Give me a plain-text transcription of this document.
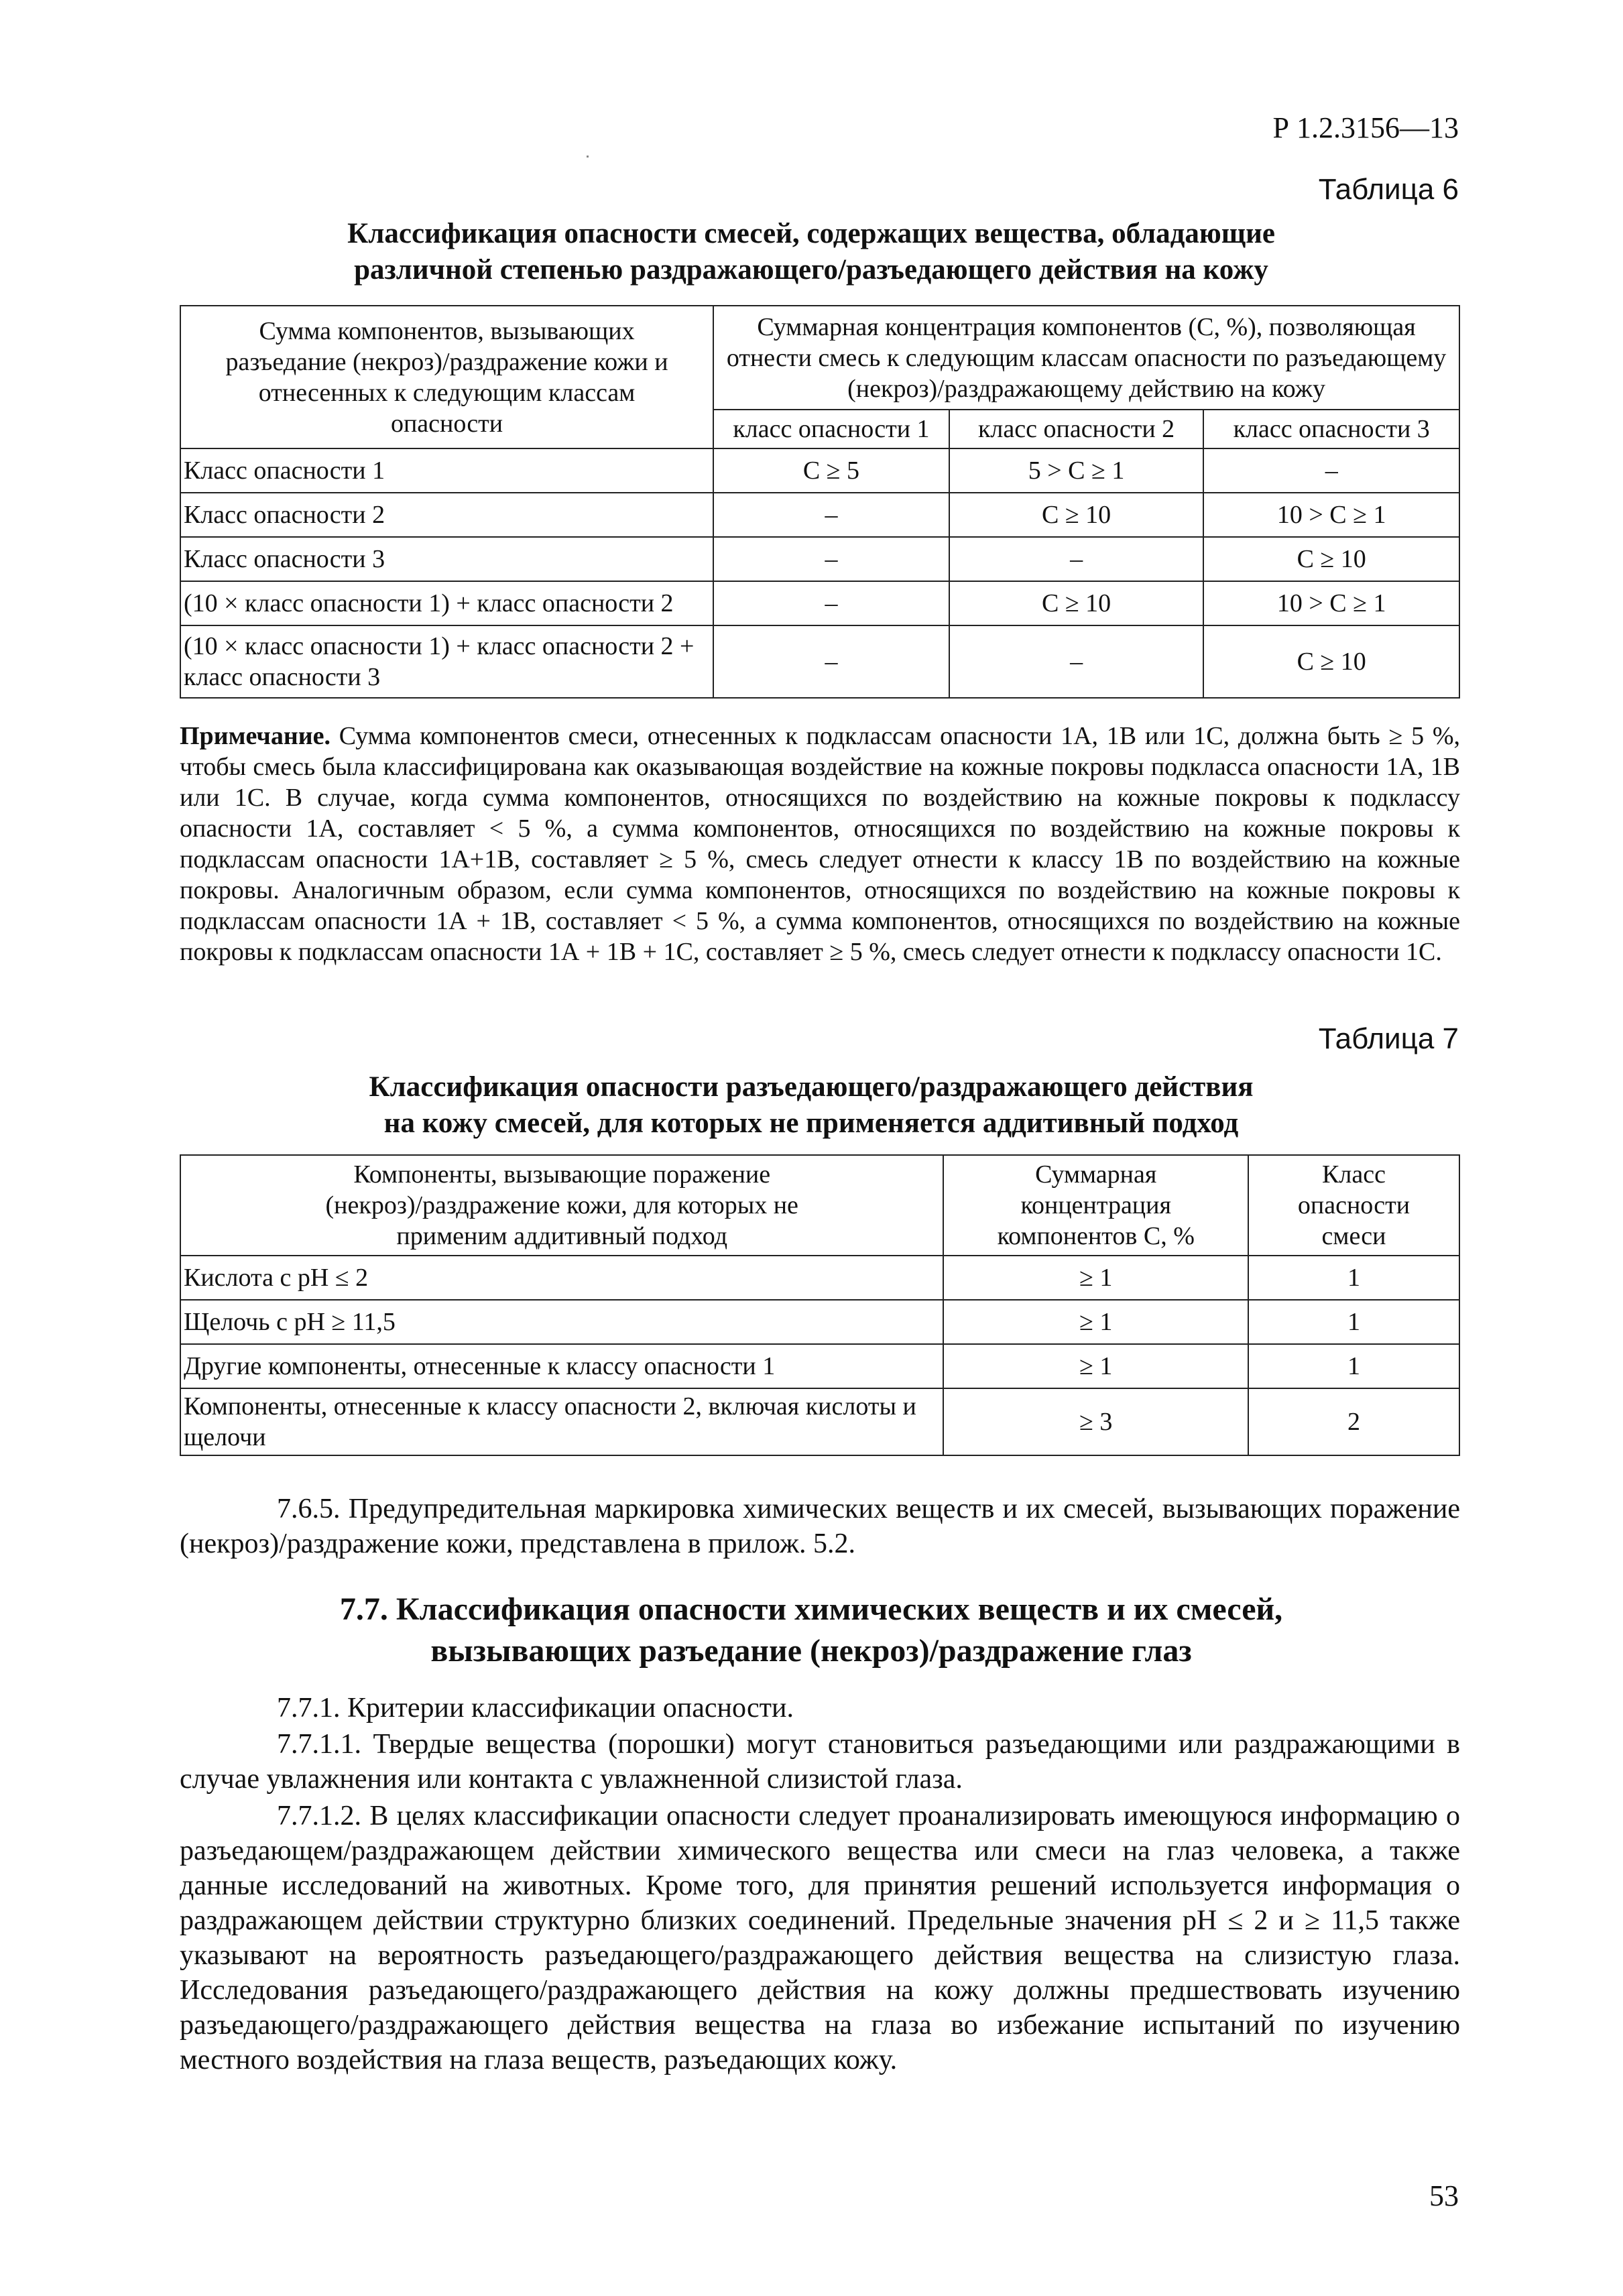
Р 1.2.3156—13
Таблица 6
Классификация опасности смесей, содержащих вещества, обладающие
различной степенью раздражающего/разъедающего действия на кожу
Сумма компонентов, вызывающих разъедание (некроз)/раздражение кожи и отнесенных к следующим классам опасности	Суммарная концентрация компонентов (С, %), позволяющая отнести смесь к следующим классам опасности по разъедающему (некроз)/раздражающему действию на кожу		
	класс опасности 1	класс опасности 2	класс опасности 3
Класс опасности 1	С ≥ 5	5 > С ≥ 1	–
Класс опасности 2	–	С ≥ 10	10 > С ≥ 1
Класс опасности 3	–	–	С ≥ 10
(10 × класс опасности 1) + класс опасности 2	–	С ≥ 10	10 > С ≥ 1
(10 × класс опасности 1) + класс опасности 2 + класс опасности 3	–	–	С ≥ 10
Примечание. Сумма компонентов смеси, отнесенных к подклассам опасности 1А, 1В или 1С, должна быть ≥ 5 %, чтобы смесь была классифицирована как оказывающая воздействие на кожные покровы подкласса опасности 1А, 1В или 1С. В случае, когда сумма компонентов, относящихся по воздействию на кожные покровы к подклассу опасности 1А, составляет < 5 %, а сумма компонентов, относящихся по воздействию на кожные покровы к подклассам опасности 1А+1В, составляет ≥ 5 %, смесь следует отнести к классу 1В по воздействию на кожные покровы. Аналогичным образом, если сумма компонентов, относящихся по воздействию на кожные покровы к подклассам опасности 1А + 1В, составляет < 5 %, а сумма компонентов, относящихся по воздействию на кожные покровы к подклассам опасности 1А + 1В + 1С, составляет ≥ 5 %, смесь следует отнести к подклассу опасности 1С.
Таблица 7
Классификация опасности разъедающего/раздражающего действия
на кожу смесей, для которых не применяется аддитивный подход
Компоненты, вызывающие поражение (некроз)/раздражение кожи, для которых не применим аддитивный подход	Суммарная концентрация компонентов С, %	Класс опасности смеси
Кислота с рН ≤ 2	≥ 1	1
Щелочь с рН ≥ 11,5	≥ 1	1
Другие компоненты, отнесенные к классу опасности 1	≥ 1	1
Компоненты, отнесенные к классу опасности 2, включая кислоты и щелочи	≥ 3	2
7.6.5. Предупредительная маркировка химических веществ и их смесей, вызывающих поражение (некроз)/раздражение кожи, представлена в прилож. 5.2.
7.7. Классификация опасности химических веществ и их смесей,
вызывающих разъедание (некроз)/раздражение глаз
7.7.1. Критерии классификации опасности.
7.7.1.1. Твердые вещества (порошки) могут становиться разъедающими или раздражающими в случае увлажнения или контакта с увлажненной слизистой глаза.
7.7.1.2. В целях классификации опасности следует проанализировать имеющуюся информацию о разъедающем/раздражающем действии химического вещества или смеси на глаз человека, а также данные исследований на животных. Кроме того, для принятия решений используется информация о раздражающем действии структурно близких соединений. Предельные значения рН ≤ 2 и ≥ 11,5 также указывают на вероятность разъедающего/раздражающего действия вещества на слизистую глаза. Исследования разъедающего/раздражающего действия на кожу должны предшествовать изучению разъедающего/раздражающего действия вещества на глаза во избежание испытаний по изучению местного воздействия на глаза веществ, разъедающих кожу.
53
